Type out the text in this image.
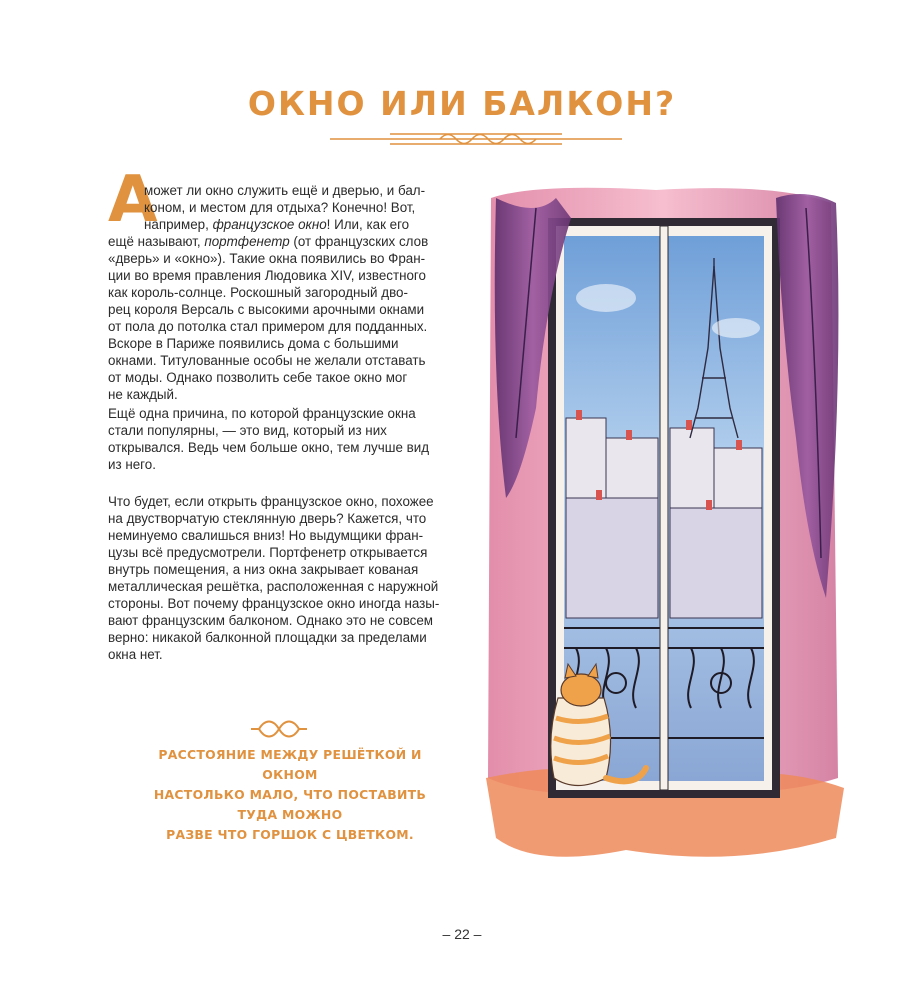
ОКНО ИЛИ БАЛКОН?
А
может ли окно служить ещё и дверью, и бал-
коном, и местом для отдыха? Конечно! Вот,
например, французское окно! Или, как его
ещё называют, портфенетр (от французских слов
«дверь» и «окно»). Такие окна появились во Фран-
ции во время правления Людовика XIV, известного
как король-солнце. Роскошный загородный дво-
рец короля Версаль с высокими арочными окнами
от пола до потолка стал примером для подданных.
Вскоре в Париже появились дома с большими
окнами. Титулованные особы не желали отставать
от моды. Однако позволить себе такое окно мог
не каждый.
Ещё одна причина, по которой французские окна
стали популярны, — это вид, который из них
открывался. Ведь чем больше окно, тем лучше вид
из него.
Что будет, если открыть французское окно, похожее
на двустворчатую стеклянную дверь? Кажется, что
неминуемо свалишься вниз! Но выдумщики фран-
цузы всё предусмотрели. Портфенетр открывается
внутрь помещения, а низ окна закрывает кованая
металлическая решётка, расположенная с наружной
стороны. Вот почему французское окно иногда назы-
вают французским балконом. Однако это не совсем
верно: никакой балконной площадки за пределами
окна нет.
РАССТОЯНИЕ МЕЖДУ РЕШЁТКОЙ И ОКНОМ
НАСТОЛЬКО МАЛО, ЧТО ПОСТАВИТЬ ТУДА МОЖНО
РАЗВЕ ЧТО ГОРШОК С ЦВЕТКОМ.
– 22 –
